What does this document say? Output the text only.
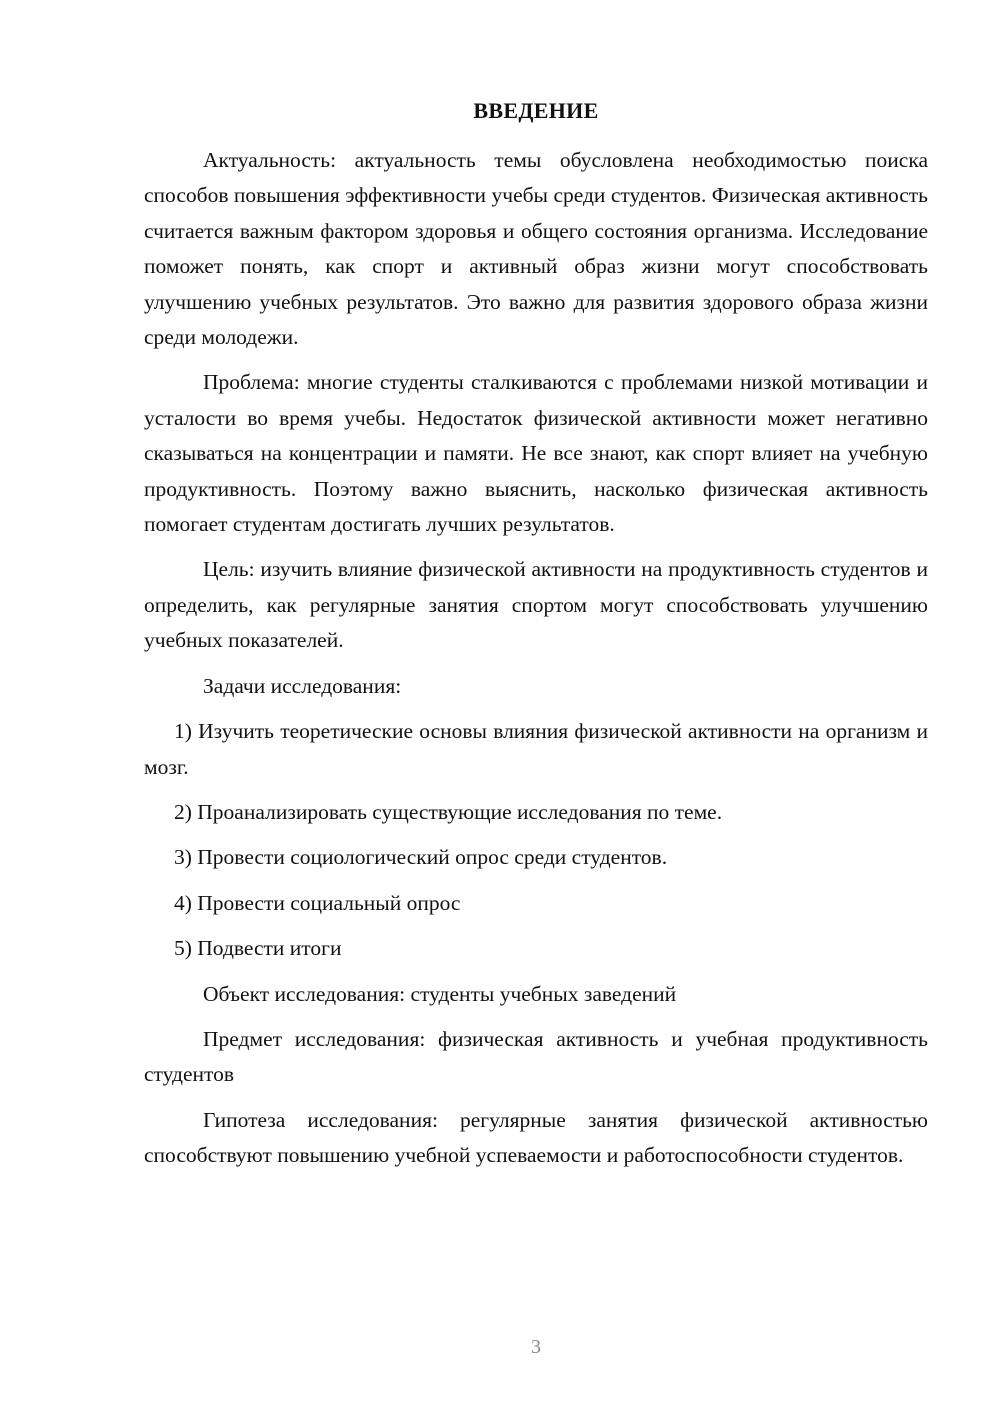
ВВЕДЕНИЕ

Актуальность: актуальность темы обусловлена необходимостью поиска способов повышения эффективности учебы среди студентов. Физическая активность считается важным фактором здоровья и общего состояния организма. Исследование поможет понять, как спорт и активный образ жизни могут способствовать улучшению учебных результатов. Это важно для развития здорового образа жизни среди молодежи.

Проблема: многие студенты сталкиваются с проблемами низкой мотивации и усталости во время учебы. Недостаток физической активности может негативно сказываться на концентрации и памяти. Не все знают, как спорт влияет на учебную продуктивность. Поэтому важно выяснить, насколько физическая активность помогает студентам достигать лучших результатов.

Цель: изучить влияние физической активности на продуктивность студентов и определить, как регулярные занятия спортом могут способствовать улучшению учебных показателей.

Задачи исследования:

1) Изучить теоретические основы влияния физической активности на организм и мозг.

2) Проанализировать существующие исследования по теме.

3) Провести социологический опрос среди студентов.

4) Провести социальный опрос

5) Подвести итоги

Объект исследования: студенты учебных заведений

Предмет исследования: физическая активность и учебная продуктивность студентов

Гипотеза исследования: регулярные занятия физической активностью способствуют повышению учебной успеваемости и работоспособности студентов.

3
